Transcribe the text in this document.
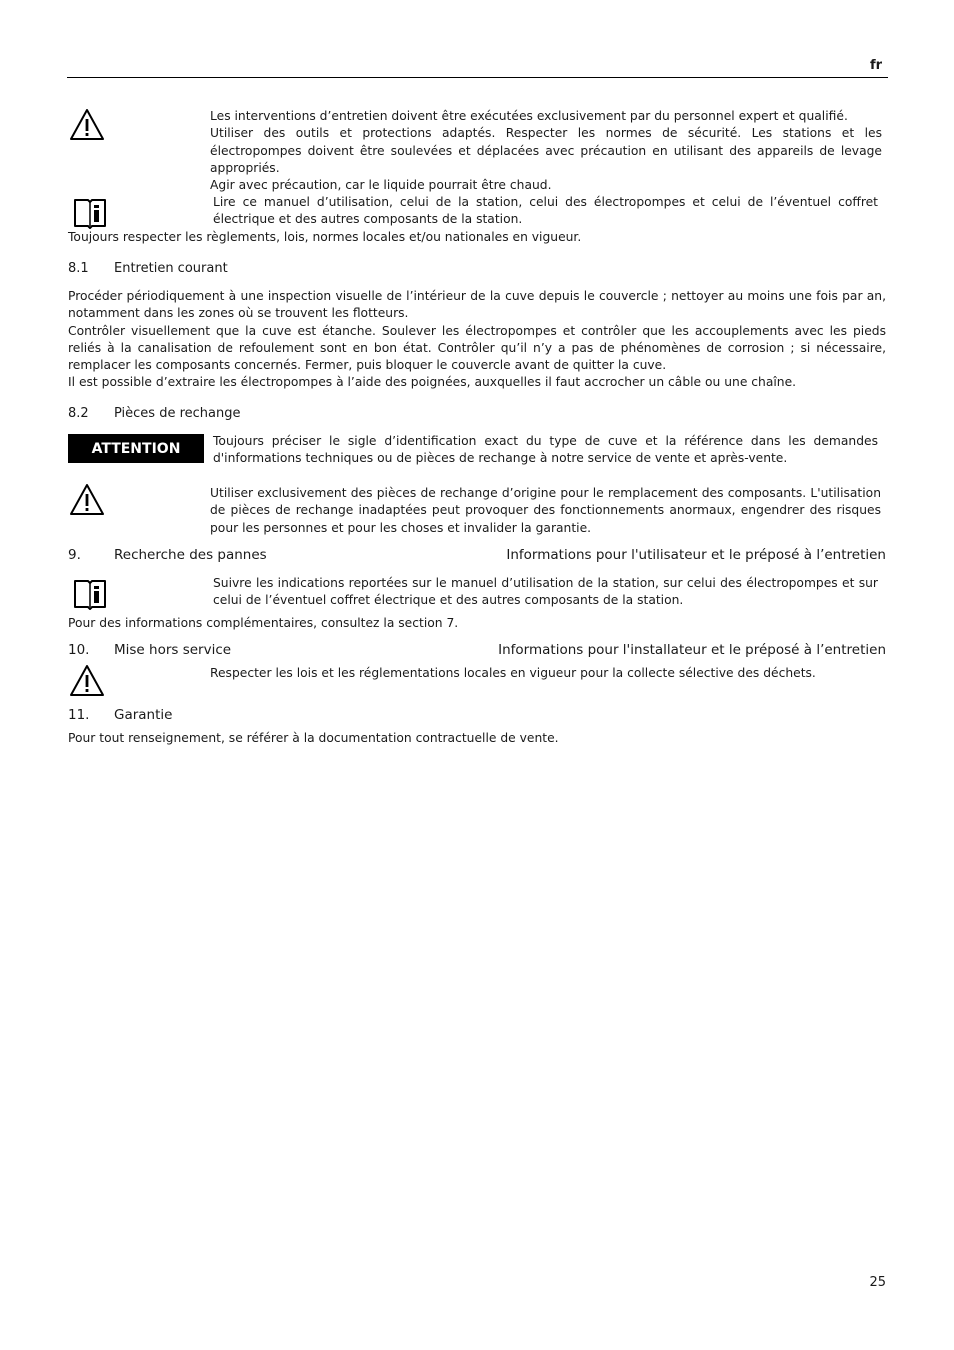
fr
Les interventions d’entretien doivent être exécutées exclusivement par du personnel expert et qualifié.
Utiliser des outils et protections adaptés. Respecter les normes de sécurité. Les stations et les électropompes doivent être soulevées et déplacées avec précaution en utilisant des appareils de levage appropriés.
Agir avec précaution, car le liquide pourrait être chaud.
Lire ce manuel d’utilisation, celui de la station, celui des électropompes et celui de l’éventuel coffret électrique et des autres composants de la station.
Toujours respecter les règlements, lois, normes locales et/ou nationales en vigueur.
8.1 Entretien courant
Procéder périodiquement à une inspection visuelle de l’intérieur de la cuve depuis le couvercle ; nettoyer au moins une fois par an, notamment dans les zones où se trouvent les flotteurs.
Contrôler visuellement que la cuve est étanche. Soulever les électropompes et contrôler que les accouplements avec les pieds reliés à la canalisation de refoulement sont en bon état. Contrôler qu’il n’y a pas de phénomènes de corrosion ; si nécessaire, remplacer les composants concernés. Fermer, puis bloquer le couvercle avant de quitter la cuve.
Il est possible d’extraire les électropompes à l’aide des poignées, auxquelles il faut accrocher un câble ou une chaîne.
8.2 Pièces de rechange
ATTENTION	Toujours préciser le sigle d’identification exact du type de cuve et la référence dans les demandes d'informations techniques ou de pièces de rechange à notre service de vente et après-vente.
Utiliser exclusivement des pièces de rechange d’origine pour le remplacement des composants. L'utilisation de pièces de rechange inadaptées peut provoquer des fonctionnements anormaux, engendrer des risques pour les personnes et pour les choses et invalider la garantie.
9. Recherche des pannes	Informations pour l'utilisateur et le préposé à l’entretien
Suivre les indications reportées sur le manuel d’utilisation de la station, sur celui des électropompes et sur celui de l’éventuel coffret électrique et des autres composants de la station.
Pour des informations complémentaires, consultez la section 7.
10. Mise hors service	Informations pour l'installateur et le préposé à l’entretien
Respecter les lois et les réglementations locales en vigueur pour la collecte sélective des déchets.
11. Garantie
Pour tout renseignement, se référer à la documentation contractuelle de vente.
25
